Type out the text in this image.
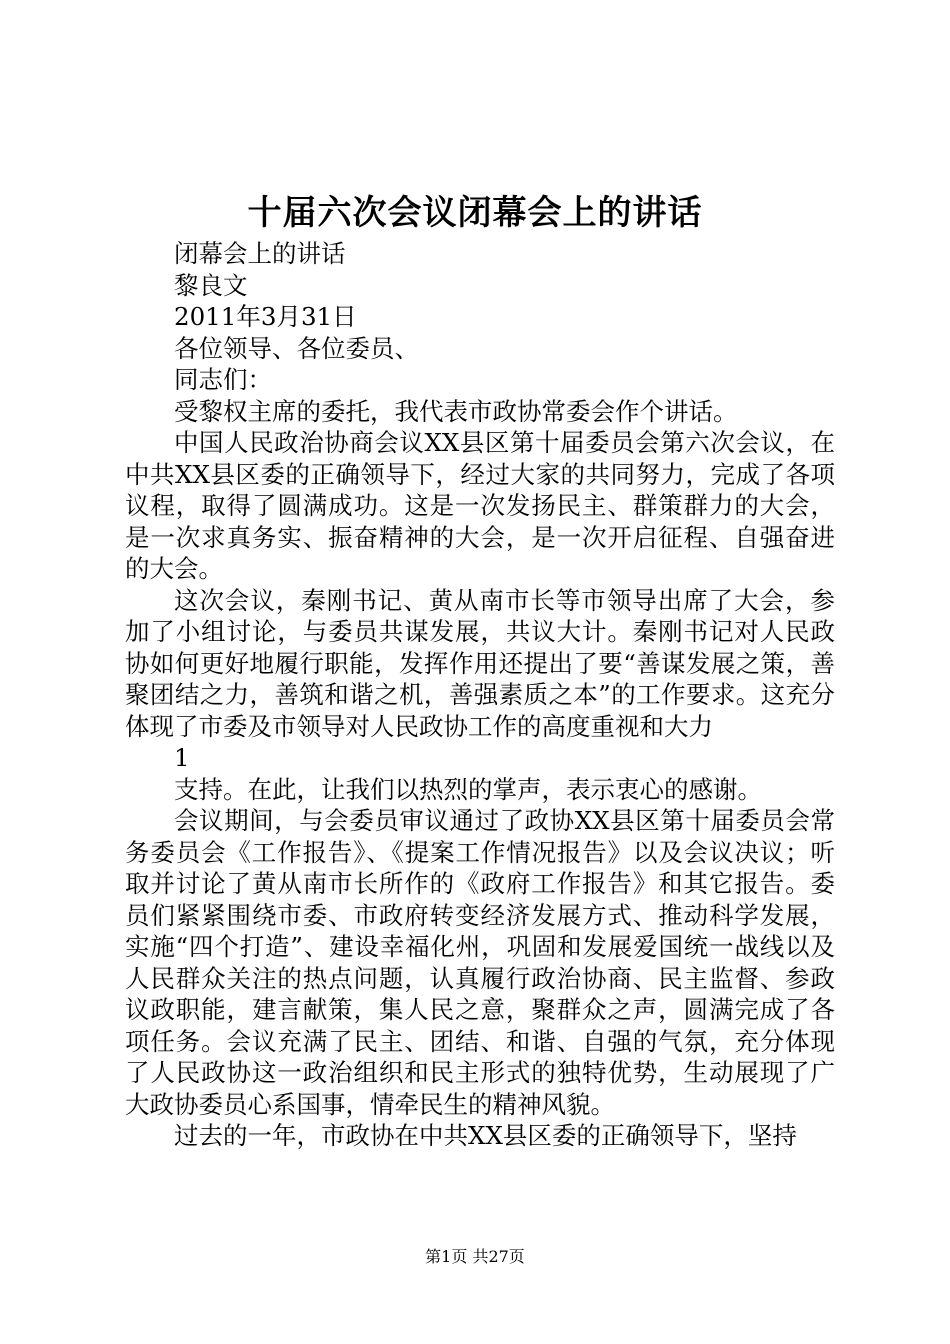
十届六次会议闭幕会上的讲话

闭幕会上的讲话

黎良文

2011年3月31日

各位领导、各位委员、

同志们：

受黎权主席的委托，我代表市政协常委会作个讲话。

中国人民政治协商会议XX县区第十届委员会第六次会议，在中共XX县区委的正确领导下，经过大家的共同努力，完成了各项议程，取得了圆满成功。这是一次发扬民主、群策群力的大会，是一次求真务实、振奋精神的大会，是一次开启征程、自强奋进的大会。

这次会议，秦刚书记、黄从南市长等市领导出席了大会，参加了小组讨论，与委员共谋发展，共议大计。秦刚书记对人民政协如何更好地履行职能，发挥作用还提出了要“善谋发展之策，善聚团结之力，善筑和谐之机，善强素质之本”的工作要求。这充分体现了市委及市领导对人民政协工作的高度重视和大力

1

支持。在此，让我们以热烈的掌声，表示衷心的感谢。

会议期间，与会委员审议通过了政协XX县区第十届委员会常务委员会《工作报告》、《提案工作情况报告》以及会议决议；听取并讨论了黄从南市长所作的《政府工作报告》和其它报告。委员们紧紧围绕市委、市政府转变经济发展方式、推动科学发展，实施“四个打造”、建设幸福化州，巩固和发展爱国统一战线以及人民群众关注的热点问题，认真履行政治协商、民主监督、参政议政职能，建言献策，集人民之意，聚群众之声，圆满完成了各项任务。会议充满了民主、团结、和谐、自强的气氛，充分体现了人民政协这一政治组织和民主形式的独特优势，生动展现了广大政协委员心系国事，情牵民生的精神风貌。

过去的一年，市政协在中共XX县区委的正确领导下，坚持

第1页 共27页
